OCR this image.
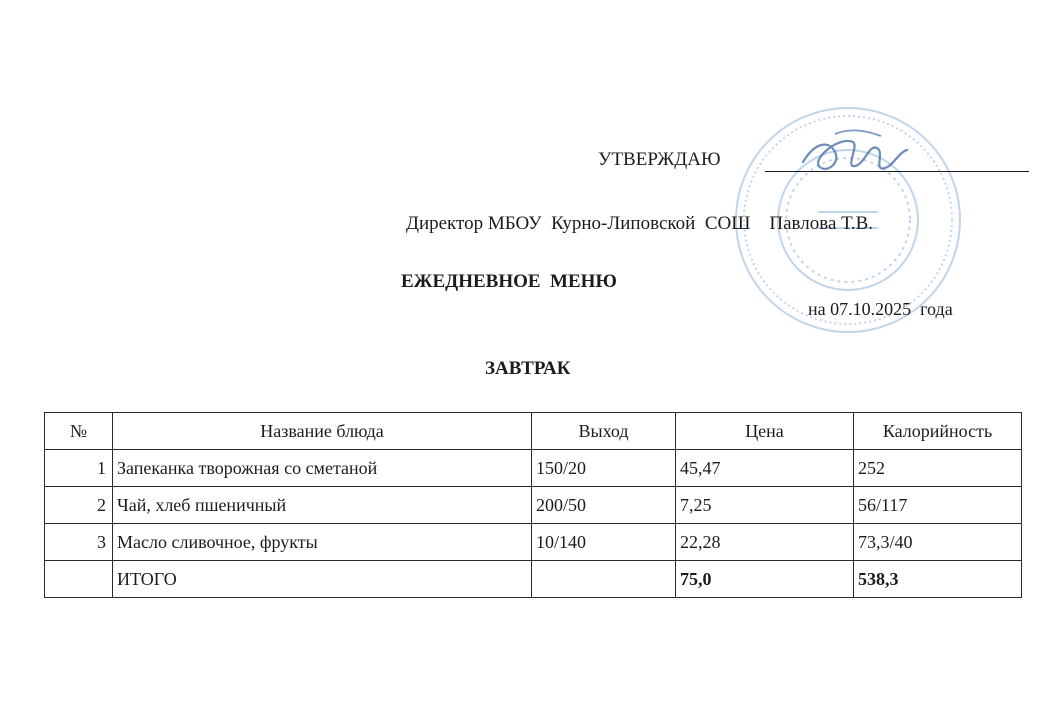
УТВЕРЖДАЮ
Директор МБОУ  Курно-Липовской  СОШ    Павлова Т.В.
ЕЖЕДНЕВНОЕ  МЕНЮ
на 07.10.2025  года
ЗАВТРАК
№	Название блюда	Выход	Цена	Калорийность
1	Запеканка творожная со сметаной	150/20	45,47	252
2	Чай, хлеб пшеничный	200/50	7,25	56/117
3	Масло сливочное, фрукты	10/140	22,28	73,3/40
	ИТОГО		75,0	538,3
